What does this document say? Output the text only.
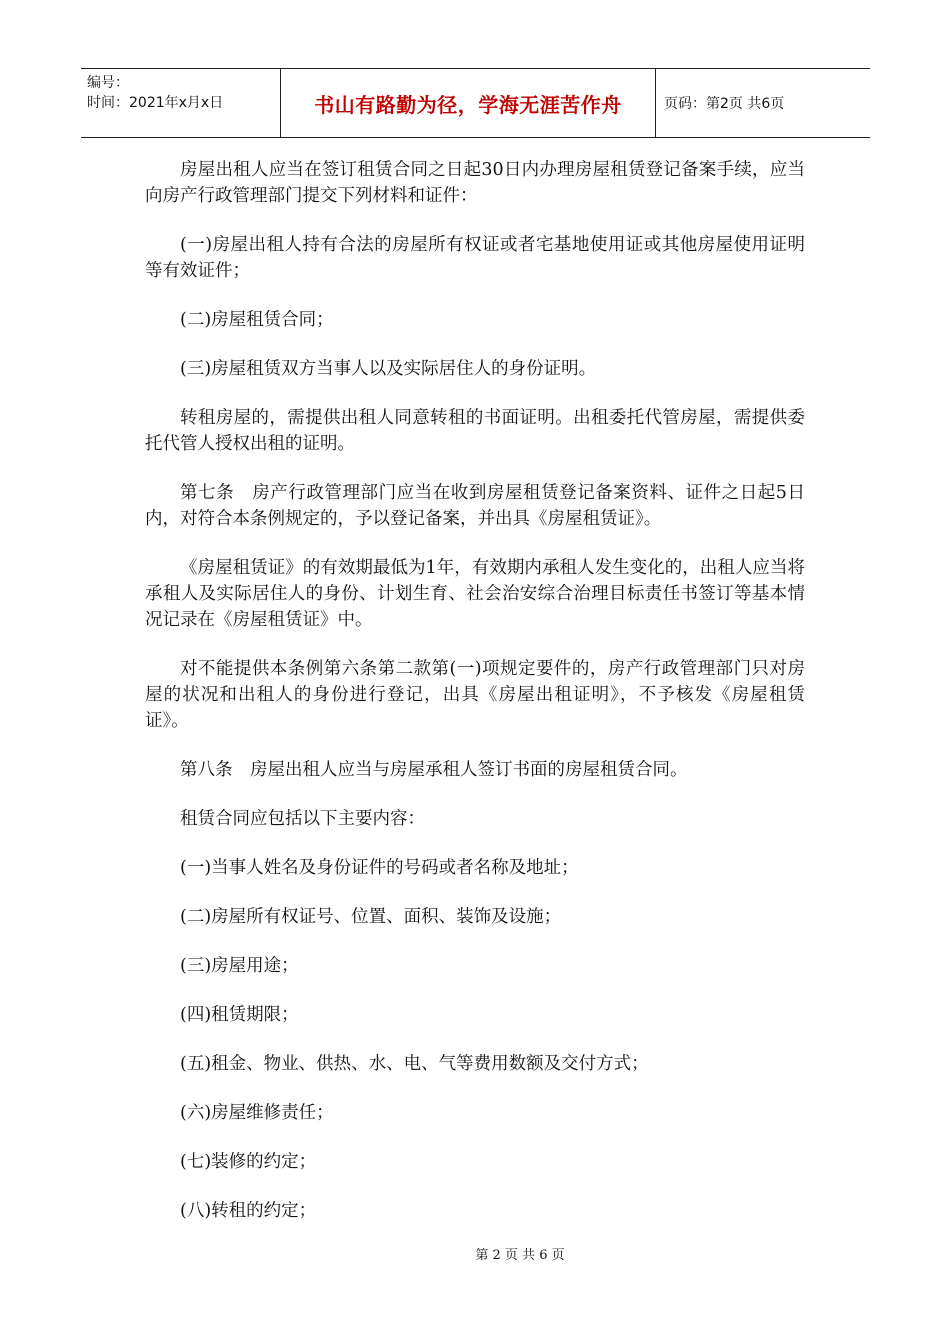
编号：
时间：2021年x月x日	书山有路勤为径，学海无涯苦作舟	页码：第2页 共6页

房屋出租人应当在签订租赁合同之日起30日内办理房屋租赁登记备案手续，应当向房产行政管理部门提交下列材料和证件：

(一)房屋出租人持有合法的房屋所有权证或者宅基地使用证或其他房屋使用证明等有效证件；

(二)房屋租赁合同；

(三)房屋租赁双方当事人以及实际居住人的身份证明。

转租房屋的，需提供出租人同意转租的书面证明。出租委托代管房屋，需提供委托代管人授权出租的证明。

第七条　房产行政管理部门应当在收到房屋租赁登记备案资料、证件之日起5日内，对符合本条例规定的，予以登记备案，并出具《房屋租赁证》。

《房屋租赁证》的有效期最低为1年，有效期内承租人发生变化的，出租人应当将承租人及实际居住人的身份、计划生育、社会治安综合治理目标责任书签订等基本情况记录在《房屋租赁证》中。

对不能提供本条例第六条第二款第(一)项规定要件的，房产行政管理部门只对房屋的状况和出租人的身份进行登记，出具《房屋出租证明》，不予核发《房屋租赁证》。

第八条　房屋出租人应当与房屋承租人签订书面的房屋租赁合同。

租赁合同应包括以下主要内容：

(一)当事人姓名及身份证件的号码或者名称及地址；

(二)房屋所有权证号、位置、面积、装饰及设施；

(三)房屋用途；

(四)租赁期限；

(五)租金、物业、供热、水、电、气等费用数额及交付方式；

(六)房屋维修责任；

(七)装修的约定；

(八)转租的约定；

第 2 页 共 6 页
